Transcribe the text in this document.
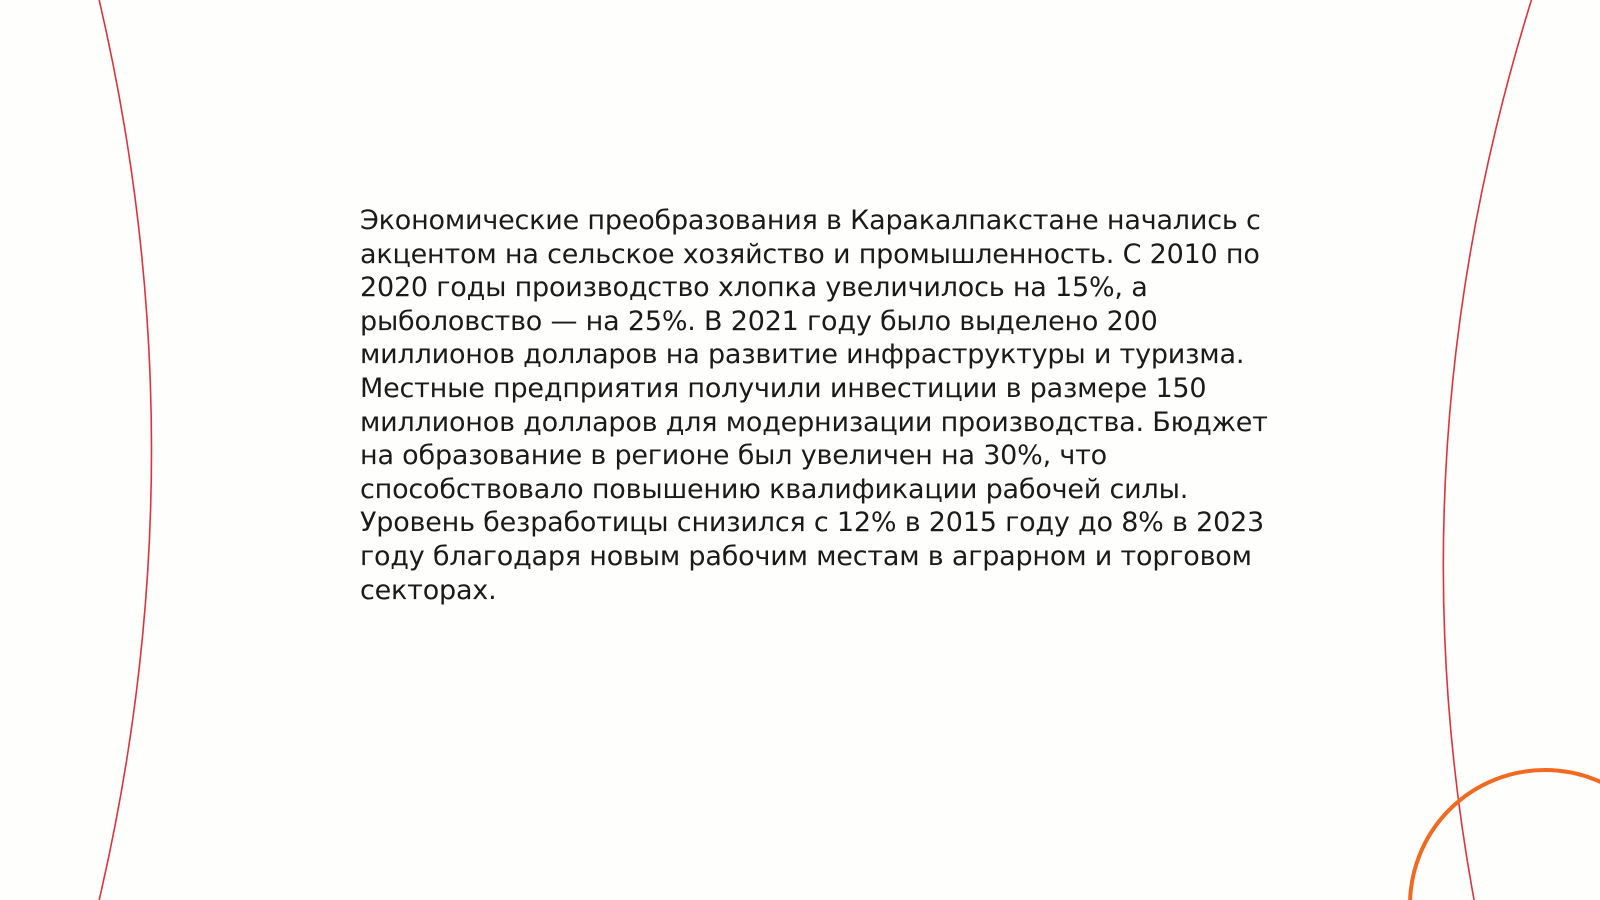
Экономические преобразования в Каракалпакстане начались с
акцентом на сельское хозяйство и промышленность. С 2010 по
2020 годы производство хлопка увеличилось на 15%, а
рыболовство — на 25%. В 2021 году было выделено 200
миллионов долларов на развитие инфраструктуры и туризма.
Местные предприятия получили инвестиции в размере 150
миллионов долларов для модернизации производства. Бюджет
на образование в регионе был увеличен на 30%, что
способствовало повышению квалификации рабочей силы.
Уровень безработицы снизился с 12% в 2015 году до 8% в 2023
году благодаря новым рабочим местам в аграрном и торговом
секторах.
